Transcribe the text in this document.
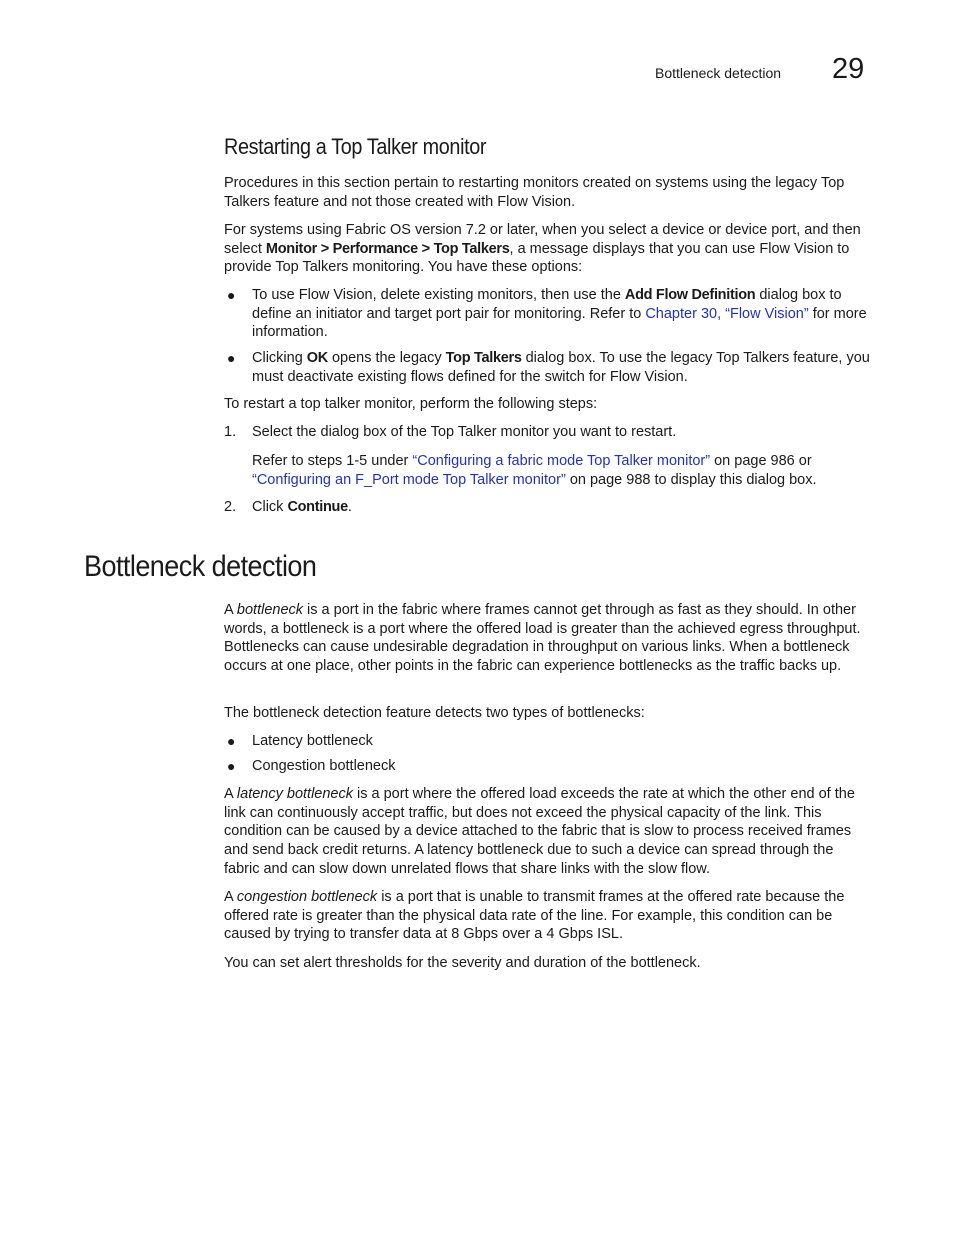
Bottleneck detection 29
Restarting a Top Talker monitor

Procedures in this section pertain to restarting monitors created on systems using the legacy Top Talkers feature and not those created with Flow Vision.

For systems using Fabric OS version 7.2 or later, when you select a device or device port, and then select Monitor > Performance > Top Talkers, a message displays that you can use Flow Vision to provide Top Talkers monitoring. You have these options:

● To use Flow Vision, delete existing monitors, then use the Add Flow Definition dialog box to define an initiator and target port pair for monitoring. Refer to Chapter 30, “Flow Vision” for more information.
● Clicking OK opens the legacy Top Talkers dialog box. To use the legacy Top Talkers feature, you must deactivate existing flows defined for the switch for Flow Vision.

To restart a top talker monitor, perform the following steps:

1. Select the dialog box of the Top Talker monitor you want to restart.
Refer to steps 1-5 under “Configuring a fabric mode Top Talker monitor” on page 986 or “Configuring an F_Port mode Top Talker monitor” on page 988 to display this dialog box.
2. Click Continue.
Bottleneck detection

A bottleneck is a port in the fabric where frames cannot get through as fast as they should. In other words, a bottleneck is a port where the offered load is greater than the achieved egress throughput. Bottlenecks can cause undesirable degradation in throughput on various links. When a bottleneck occurs at one place, other points in the fabric can experience bottlenecks as the traffic backs up.

The bottleneck detection feature detects two types of bottlenecks:

● Latency bottleneck
● Congestion bottleneck

A latency bottleneck is a port where the offered load exceeds the rate at which the other end of the link can continuously accept traffic, but does not exceed the physical capacity of the link. This condition can be caused by a device attached to the fabric that is slow to process received frames and send back credit returns. A latency bottleneck due to such a device can spread through the fabric and can slow down unrelated flows that share links with the slow flow.

A congestion bottleneck is a port that is unable to transmit frames at the offered rate because the offered rate is greater than the physical data rate of the line. For example, this condition can be caused by trying to transfer data at 8 Gbps over a 4 Gbps ISL.

You can set alert thresholds for the severity and duration of the bottleneck.
